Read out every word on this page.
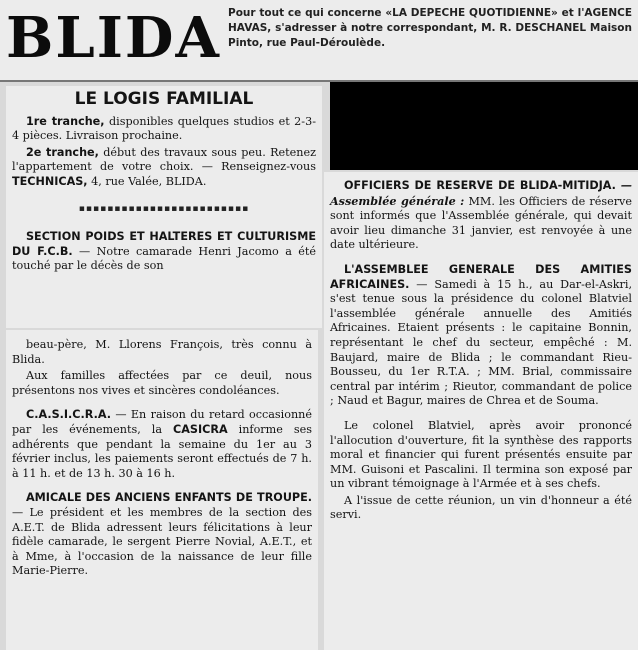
BLIDA Pour tout ce qui concerne «LA DEPECHE QUOTIDIENNE» et l'AGENCE HAVAS, s'adresser à notre correspondant, M. R. DESCHANEL Maison Pinto, rue Paul-Déroulède.
LE LOGIS FAMILIAL

1re tranche, disponibles quelques studios et 2-3-4 pièces. Livraison prochaine.

2e tranche, début des travaux sous peu. Retenez l'appartement de votre choix. — Renseignez-vous TECHNICAS, 4, rue Valée, BLIDA.

▪▪▪▪▪▪▪▪▪▪▪▪▪▪▪▪▪▪▪▪▪▪▪▪

SECTION POIDS ET HALTERES ET CULTURISME DU F.C.B. — Notre camarade Henri Jacomo a été touché par le décès de son

beau-père, M. Llorens François, très connu à Blida.

Aux familles affectées par ce deuil, nous présentons nos vives et sincères condoléances.

C.A.S.I.C.R.A. — En raison du retard occasionné par les événements, la CASICRA informe ses adhérents que pendant la semaine du 1er au 3 février inclus, les paiements seront effectués de 7 h. à 11 h. et de 13 h. 30 à 16 h.

AMICALE DES ANCIENS ENFANTS DE TROUPE. — Le président et les membres de la section des A.E.T. de Blida adressent leurs félicitations à leur fidèle camarade, le sergent Pierre Novial, A.E.T., et à Mme, à l'occasion de la naissance de leur fille Marie-Pierre.

OFFICIERS DE RESERVE DE BLIDA-MITIDJA. — Assemblée générale : MM. les Officiers de réserve sont informés que l'Assemblée générale, qui devait avoir lieu dimanche 31 janvier, est renvoyée à une date ultérieure.

L'ASSEMBLEE GENERALE DES AMITIES AFRICAINES. — Samedi à 15 h., au Dar-el-Askri, s'est tenue sous la présidence du colonel Blatviel l'assemblée générale annuelle des Amitiés Africaines. Etaient présents : le capitaine Bonnin, représentant le chef du secteur, empêché : M. Baujard, maire de Blida ; le commandant Rieu-Bousseu, du 1er R.T.A. ; MM. Brial, commissaire central par intérim ; Rieutor, commandant de police ; Naud et Bagur, maires de Chrea et de Souma.

Le colonel Blatviel, après avoir prononcé l'allocution d'ouverture, fit la synthèse des rapports moral et financier qui furent présentés ensuite par MM. Guisoni et Pascalini. Il termina son exposé par un vibrant témoignage à l'Armée et à ses chefs.

A l'issue de cette réunion, un vin d'honneur a été servi.
